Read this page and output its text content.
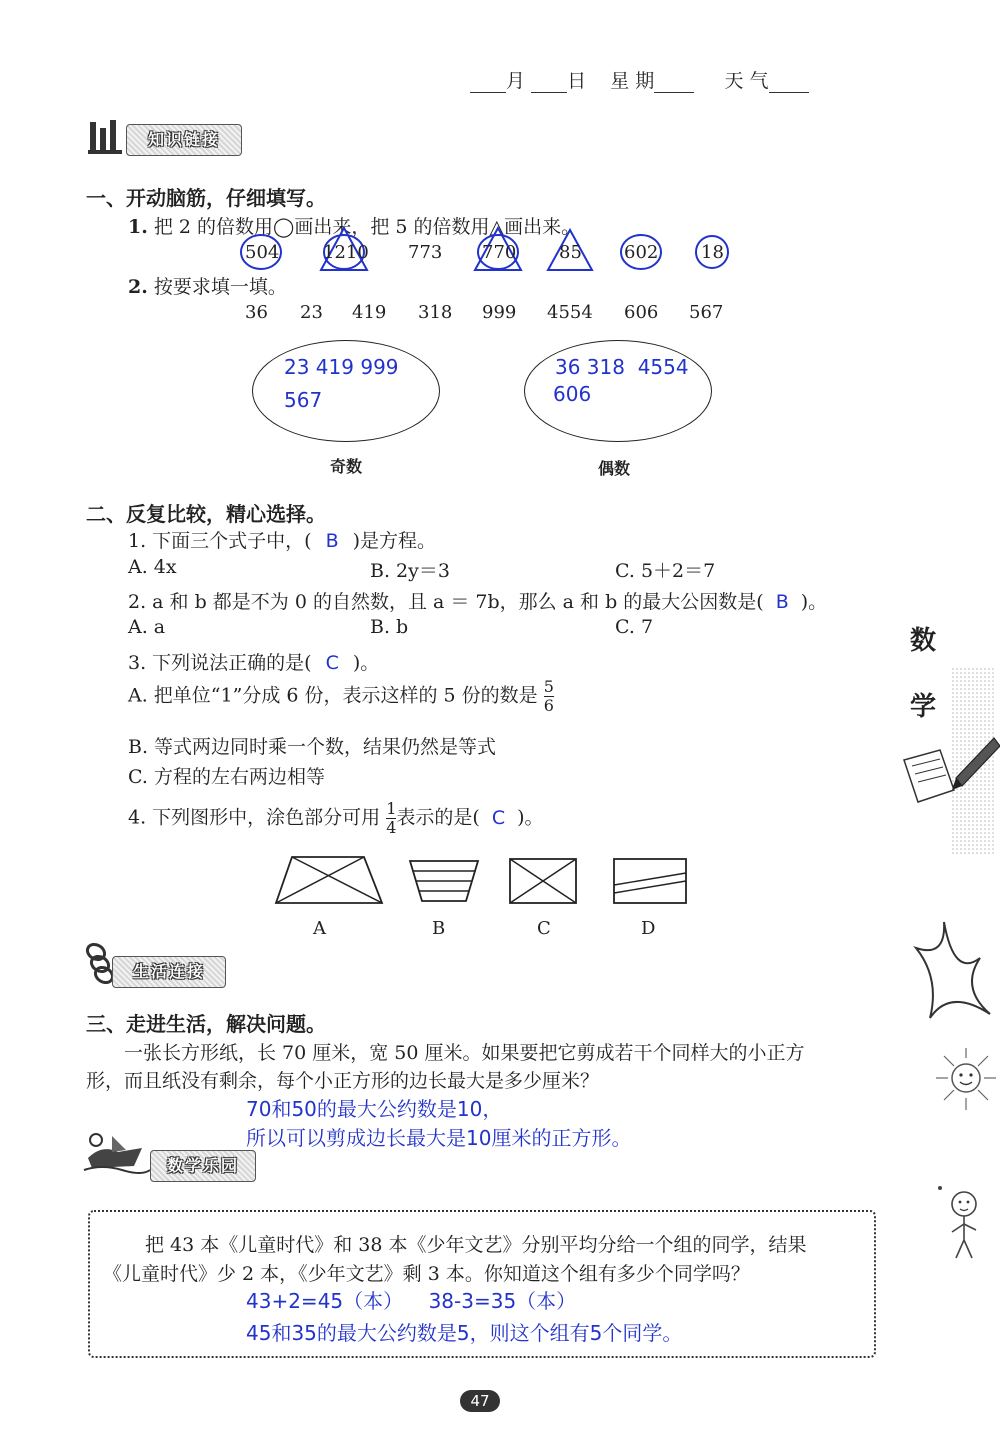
月 日 星 期	天 气
知识链接
一、开动脑筋，仔细填写。
1. 把 2 的倍数用◯画出来，把 5 的倍数用△画出来。
504 1210 773 770 85 602 18
2. 按要求填一填。
36 23 419 318 999 4554 606 567
23 419 999
567
36 318  4554
606
奇数	偶数
二、反复比较，精心选择。
1. 下面三个式子中，( B )是方程。
A. 4x	B. 2y＝3	C. 5＋2＝7
2. a 和 b 都是不为 0 的自然数，且 a ＝ 7b，那么 a 和 b 的最大公因数是( B )。
A. a	B. b	C. 7
3. 下列说法正确的是( C )。
A. 把单位“1”分成 6 份，表示这样的 5 份的数是 $\frac{5}{6}$
B. 等式两边同时乘一个数，结果仍然是等式
C. 方程的左右两边相等
4. 下列图形中，涂色部分可用 $\frac{1}{4}$ 表示的是( C )。
A	B	C	D
生活连接
三、走进生活，解决问题。
一张长方形纸，长 70 厘米，宽 50 厘米。如果要把它剪成若干个同样大的小正方
形，而且纸没有剩余，每个小正方形的边长最大是多少厘米？
70和50的最大公约数是10，
所以可以剪成边长最大是10厘米的正方形。
数学乐园
把 43 本《儿童时代》和 38 本《少年文艺》分别平均分给一个组的同学，结果
《儿童时代》少 2 本，《少年文艺》剩 3 本。你知道这个组有多少个同学吗？
43+2=45（本）    38-3=35（本）
45和35的最大公约数是5，则这个组有5个同学。
47
数
学
